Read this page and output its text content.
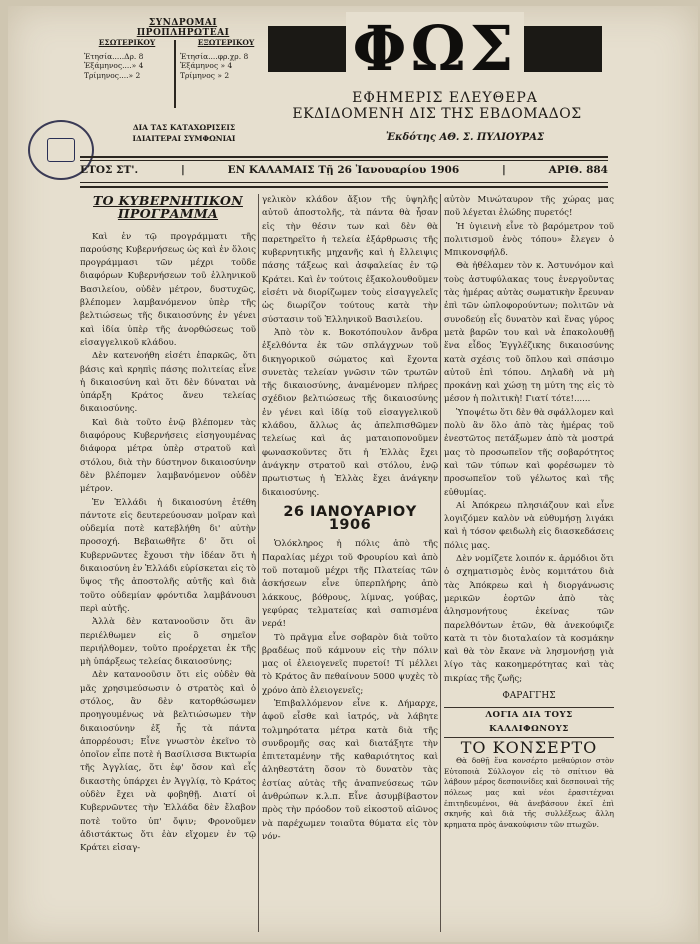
ΣΥΝΔΡΟΜΑΙ ΠΡΟΠΛΗΡΩΤΕΑΙ
ΕΣΩΤΕΡΙΚΟΥ
Ἐτησία.....Δρ. 8
Ἑξάμηνος....» 4
Τρίμηνος....» 2
ΕΞΩΤΕΡΙΚΟΥ
Ἐτησία....φρ.χρ. 8
Ἑξάμηνος » 4
Τρίμηνος » 2
ΔΙΑ ΤΑΣ ΚΑΤΑΧΩΡΙΣΕΙΣ
ΙΔΙΑΙΤΕΡΑΙ ΣΥΜΦΩΝΙΑΙ
ΦΩΣ
ΕΦΗΜΕΡΙΣ ΕΛΕΥΘΕΡΑ
ΕΚΔΙΔΟΜΕΝΗ ΔΙΣ ΤΗΣ ΕΒΔΟΜΑΔΟΣ
Ἐκδότης ΑΘ. Σ. ΠΥΛΙΟΥΡΑΣ
ΕΤΟΣ ΣΤ'.	|	ΕΝ ΚΑΛΑΜΑΙΣ Τῇ 26 Ἰανουαρίου 1906	|	ΑΡΙΘ. 884
ΤΟ ΚΥΒΕΡΝΗΤΙΚΟΝ ΠΡΟΓΡΑΜΜΑ

Καὶ ἐν τῷ προγράμματι τῆς παρούσης Κυβερνήσεως ὡς καὶ ἐν ὅλοις προγράμμασι τῶν μέχρι τοῦδε διαφόρων Κυβερνήσεων τοῦ ἑλληνικοῦ Βασιλείου, οὐδὲν μέτρον, δυστυχῶς, βλέπομεν λαμβανόμενον ὑπὲρ τῆς βελτιώσεως τῆς δικαιοσύνης ἐν γένει καὶ ἰδία ὑπὲρ τῆς ἀνορθώσεως τοῦ εἰσαγγελικοῦ κλάδου.

Δὲν κατενοήθη εἰσέτι ἐπαρκῶς, ὅτι βάσις καὶ κρηπὶς πάσης πολιτείας εἶνε ἡ δικαιοσύνη καὶ ὅτι δὲν δύναται νὰ ὑπάρξη Κράτος ἄνευ τελείας δικαιοσύνης.

Καὶ διὰ τοῦτο ἐνῷ βλέπομεν τὰς διαφόρους Κυβερνήσεις εἰσηγουμένας διάφορα μέτρα ὑπὲρ στρατοῦ καὶ στόλου, διὰ τὴν δύστηνον δικαιοσύνην δὲν βλέπομεν λαμβανόμενον οὐδὲν μέτρον.

Ἐν Ἑλλάδι ἡ δικαιοσύνη ἐτέθη πάντοτε εἰς δευτερεύουσαν μοῖραν καὶ οὐδεμία ποτὲ κατεβλήθη δι' αὐτὴν προσοχή. Βεβαιωθῆτε δ' ὅτι οἱ Κυβερνῶντες ἔχουσι τὴν ἰδέαν ὅτι ἡ δικαιοσύνη ἐν Ἑλλάδι εὑρίσκεται εἰς τὸ ὕψος τῆς ἀποστολῆς αὐτῆς καὶ διὰ τοῦτο οὐδεμίαν φρόντιδα λαμβάνουσι περὶ αὐτῆς.

Ἀλλὰ δὲν κατανοοῦσιν ὅτι ἂν περιέλθωμεν εἰς ὃ σημεῖον περιήλθομεν, τοῦτο προέρχεται ἐκ τῆς μὴ ὑπάρξεως τελείας δικαιοσύνης;

Δὲν κατανοοῦσιν ὅτι εἰς οὐδὲν θὰ μᾶς χρησιμεύσωσιν ὁ στρατὸς καὶ ὁ στόλος, ἂν δὲν κατορθώσωμεν προηγουμένως νὰ βελτιώσωμεν τὴν δικαιοσύνην ἐξ ἧς τὰ πάντα ἀπορρέουσι; Εἶνε γνωστὸν ἐκεῖνο τὸ ὁποῖον εἶπε ποτὲ ἡ Βασίλισσα Βικτωρία τῆς Ἀγγλίας, ὅτι ἐφ' ὅσον καὶ εἷς δικαστὴς ὑπάρχει ἐν Ἀγγλίᾳ, τὸ Κράτος οὐδὲν ἔχει νὰ φοβηθῇ. Διατί οἱ Κυβερνῶντες τὴν Ἑλλάδα δὲν ἔλαβον ποτὲ τοῦτο ὑπ' ὄψιν; Φρονοῦμεν ἀδιστάκτως ὅτι ἐὰν εἴχομεν ἐν τῷ Κράτει εἰσαγ-

γελικὸν κλάδον ἄξιον τῆς ὑψηλῆς αὐτοῦ ἀποστολῆς, τὰ πάντα θὰ ἦσαν εἰς τὴν θέσιν των καὶ δὲν θὰ παρετηρεῖτο ἡ τελεία ἐξάρθρωσις τῆς κυβερνητικῆς μηχανῆς καὶ ἡ ἔλλειψις πάσης τάξεως καὶ ἀσφαλείας ἐν τῷ Κράτει. Καὶ ἐν τούτοις ἐξακολουθοῦμεν εἰσέτι νὰ διορίζωμεν τοὺς εἰσαγγελεῖς ὡς διωρίζον τούτους κατὰ τὴν σύστασιν τοῦ Ἑλληνικοῦ Βασιλείου.

Ἀπὸ τὸν κ. Βοκοτόπουλον ἄνδρα ἐξελθόντα ἐκ τῶν σπλάγχνων τοῦ δικηγορικοῦ σώματος καὶ ἔχοντα συνετὰς τελείαν γνῶσιν τῶν τρωτῶν τῆς δικαιοσύνης, ἀναμένομεν πλήρες σχέδιον βελτιώσεως τῆς δικαιοσύνης ἐν γένει καὶ ἰδίᾳ τοῦ εἰσαγγελικοῦ κλάδου, ἄλλως ἀς ἀπελπισθῶμεν τελείως καὶ ἀς ματαιοπονοῦμεν φωνασκοῦντες ὅτι ἡ Ἑλλὰς ἔχει ἀνάγκην στρατοῦ καὶ στόλου, ἐνῷ πρωτιστως ἡ Ἑλλὰς ἔχει ἀνάγκην δικαιοσύνης.

26 ΙΑΝΟΥΑΡΙΟΥ 1906

Ὁλόκληρος ἡ πόλις ἀπὸ τῆς Παραλίας μέχρι τοῦ Φρουρίου καὶ ἀπὸ τοῦ ποταμοῦ μέχρι τῆς Πλατείας τῶν ἀσκήσεων εἶνε ὑπερπλήρης ἀπὸ λάκκους, βόθρους, λίμνας, γούβας, γεφύρας τελματείας καὶ σαπισμένα νερά!

Τὸ πρᾶγμα εἶνε σοβαρὸν διὰ τοῦτο βραδέως ποῦ κάμνουν εἰς τὴν πόλιν μας οἱ ἐλειογενεῖς πυρετοί! Τί μέλλει τὸ Κράτος ἂν πεθαίνουν 5000 ψυχὲς τὸ χρόνο ἀπὸ ἐλειογενεῖς;

Ἐπιβαλλόμενον εἶνε κ. Δήμαρχε, ἀφοῦ εἶσθε καὶ ἰατρός, νὰ λάβητε τολμηρότατα μέτρα κατὰ διὰ τῆς συνδρομῆς σας καὶ διατάξητε τὴν ἐπιτεταμένην τῆς καθαριότητος καὶ ἀληθεστάτη ὅσον τὸ δυνατὸν τὰς ἐστίας αὐτὰς τῆς ἀναπνεύσεως τῶν ἀνθρώπων κ.λ.π. Εἶνε ἀσυμβίβαστον πρὸς τὴν πρόοδον τοῦ εἰκοστοῦ αἰῶνος νὰ παρέχωμεν τοιαῦτα θύματα εἰς τὸν νόν-

αὐτὸν Μινώταυρον τῆς χώρας μας ποῦ λέγεται ἑλώδης πυρετός!

Ἡ ὑγιεινὴ εἶνε τὸ βαρόμετρον τοῦ πολιτισμοῦ ἑνὸς τόπου» ἔλεγεν ὁ Μπικονσφήλδ.

Θὰ ἠθέλαμεν τὸν κ. Ἀστυνόμον καὶ τοὺς ἀστυφύλακας τους ἐνεργοῦντας τὰς ἡμέρας αὐτὰς σωματικὴν ἔρευναν ἐπὶ τῶν ὡπλοφορούντων; πολιτῶν νὰ συνοδεύῃ εἷς δυνατὸν καὶ ἕνας γύρος μετὰ βαρῶν του καὶ νὰ ἐπακολουθῇ ἕνα εἶδος Ἐγγλέζικης δικαιοσύνης κατὰ σχέσις τοῦ ὅπλου καὶ σπάσιμο αὐτοῦ ἐπὶ τόπου. Δηλαδὴ νὰ μὴ προκάνῃ καὶ χώσῃ τη μύτη της εἰς τὸ μέσον ἡ πολιτικὴ! Γιατί τότε!......

Ὑποψέτω ὅτι δὲν θὰ σφάλλομεν καὶ πολὺ ἂν ὅλο ἀπὸ τὰς ἡμέρας τοῦ ἐνεστῶτος πετάξωμεν ἀπὸ τὰ μοστρά μας τὸ προσωπεῖον τῆς σοβαρότητος καὶ τῶν τύπων καὶ φορέσωμεν τὸ προσωπεῖον τοῦ γέλωτος καὶ τῆς εὐθυμίας.

Αἱ Ἀπόκρεω πλησιάζουν καὶ εἶνε λογιζόμεν καλὸν νὰ εὐθυμήσῃ λιγάκι καὶ ἡ τόσον φειδωλὴ εἰς διασκεδάσεις πόλις μας.

Δὲν νομίζετε λοιπόν κ. ἀρμόδιοι ὅτι ὁ σχηματισμὸς ἑνὸς κομιτάτου διὰ τὰς Ἀπόκρεω καὶ ἡ διοργάνωσις μερικῶν ἑορτῶν ἀπὸ τὰς ἀλησμονήτους ἐκείνας τῶν παρελθόντων ἐτῶν, θὰ ἀνεκούφιζε κατὰ τι τὸν διοταλαίον τὰ κοσμάκην καὶ θὰ τὸν ἔκανε νὰ λησμονήσῃ γιὰ λίγο τὰς κακοημερότητας καὶ τὰς πικρίας τῆς ζωῆς;

ΦΑΡΑΓΓΗΣ
ΛΟΓΙΑ ΔΙΑ ΤΟΥΣ ΚΑΛΛΙΦΩΝΟΥΣ
ΤΟ ΚΟΝΣΕΡΤΟ

Θὰ δοθῇ ἕνα κονσέρτο μεθαύριον στὸν Εὐτοποιὰ Σύλλογον εἰς τὸ σπίτιον θὰ λάβουν μέρος δεσποινίδες καὶ δεσποιναὶ τῆς πόλεως μας καὶ νέοι ἐρασιτέχναι ἐπιτηδευμένοι, θὰ ἀνεβάσουν ἐκεῖ ἐπὶ σκηνῆς καὶ διὰ τῆς συλλέξεως ἄλλη κρηματα πρὸς ἀνακούφισιν τῶν πτωχῶν.
